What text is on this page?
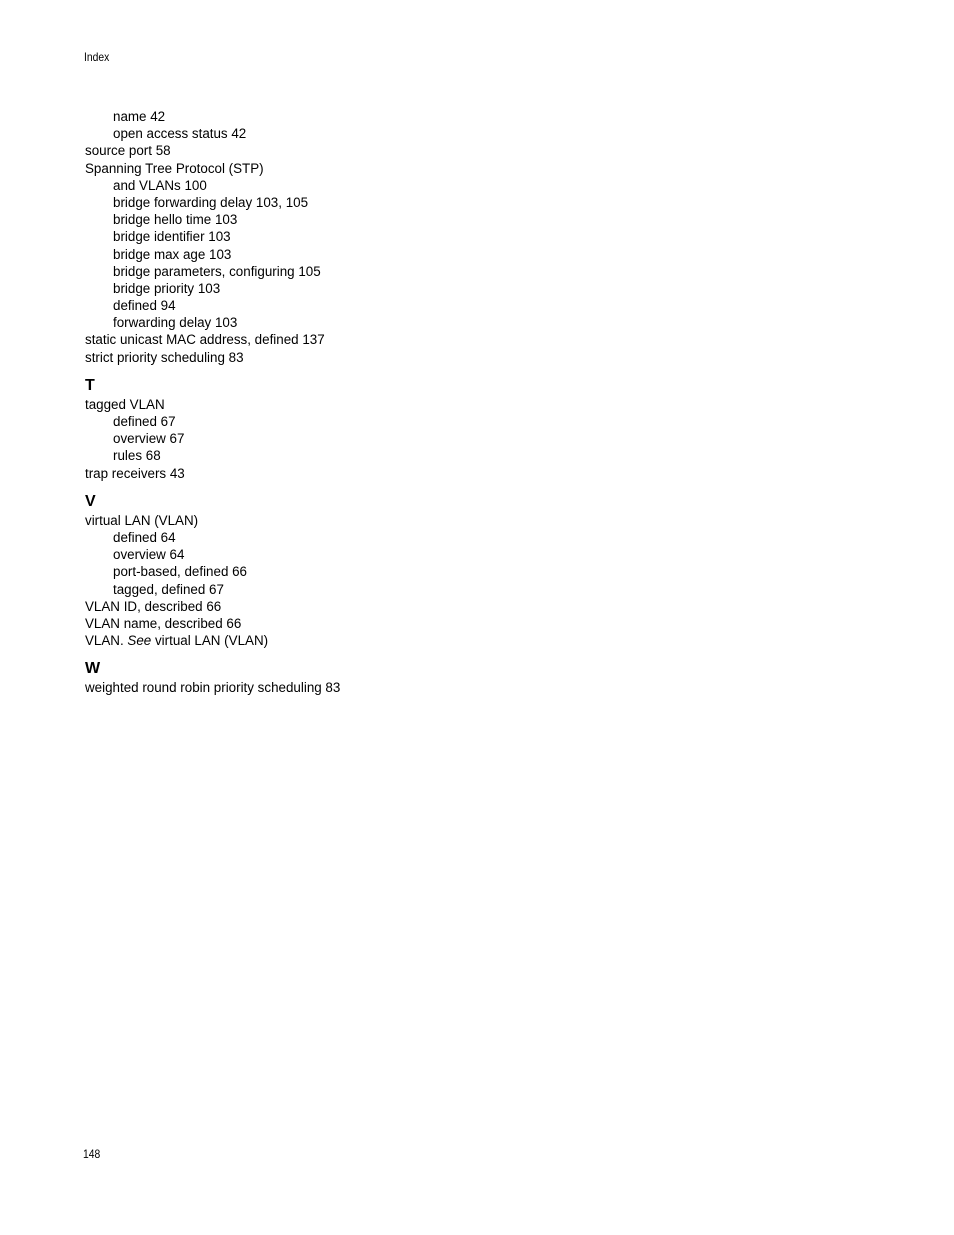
Index
name 42
open access status 42
source port 58
Spanning Tree Protocol (STP)
and VLANs 100
bridge forwarding delay 103, 105
bridge hello time 103
bridge identifier 103
bridge max age 103
bridge parameters, configuring 105
bridge priority 103
defined 94
forwarding delay 103
static unicast MAC address, defined 137
strict priority scheduling 83
T
tagged VLAN
defined 67
overview 67
rules 68
trap receivers 43
V
virtual LAN (VLAN)
defined 64
overview 64
port-based, defined 66
tagged, defined 67
VLAN ID, described 66
VLAN name, described 66
VLAN. See virtual LAN (VLAN)
W
weighted round robin priority scheduling 83
148
